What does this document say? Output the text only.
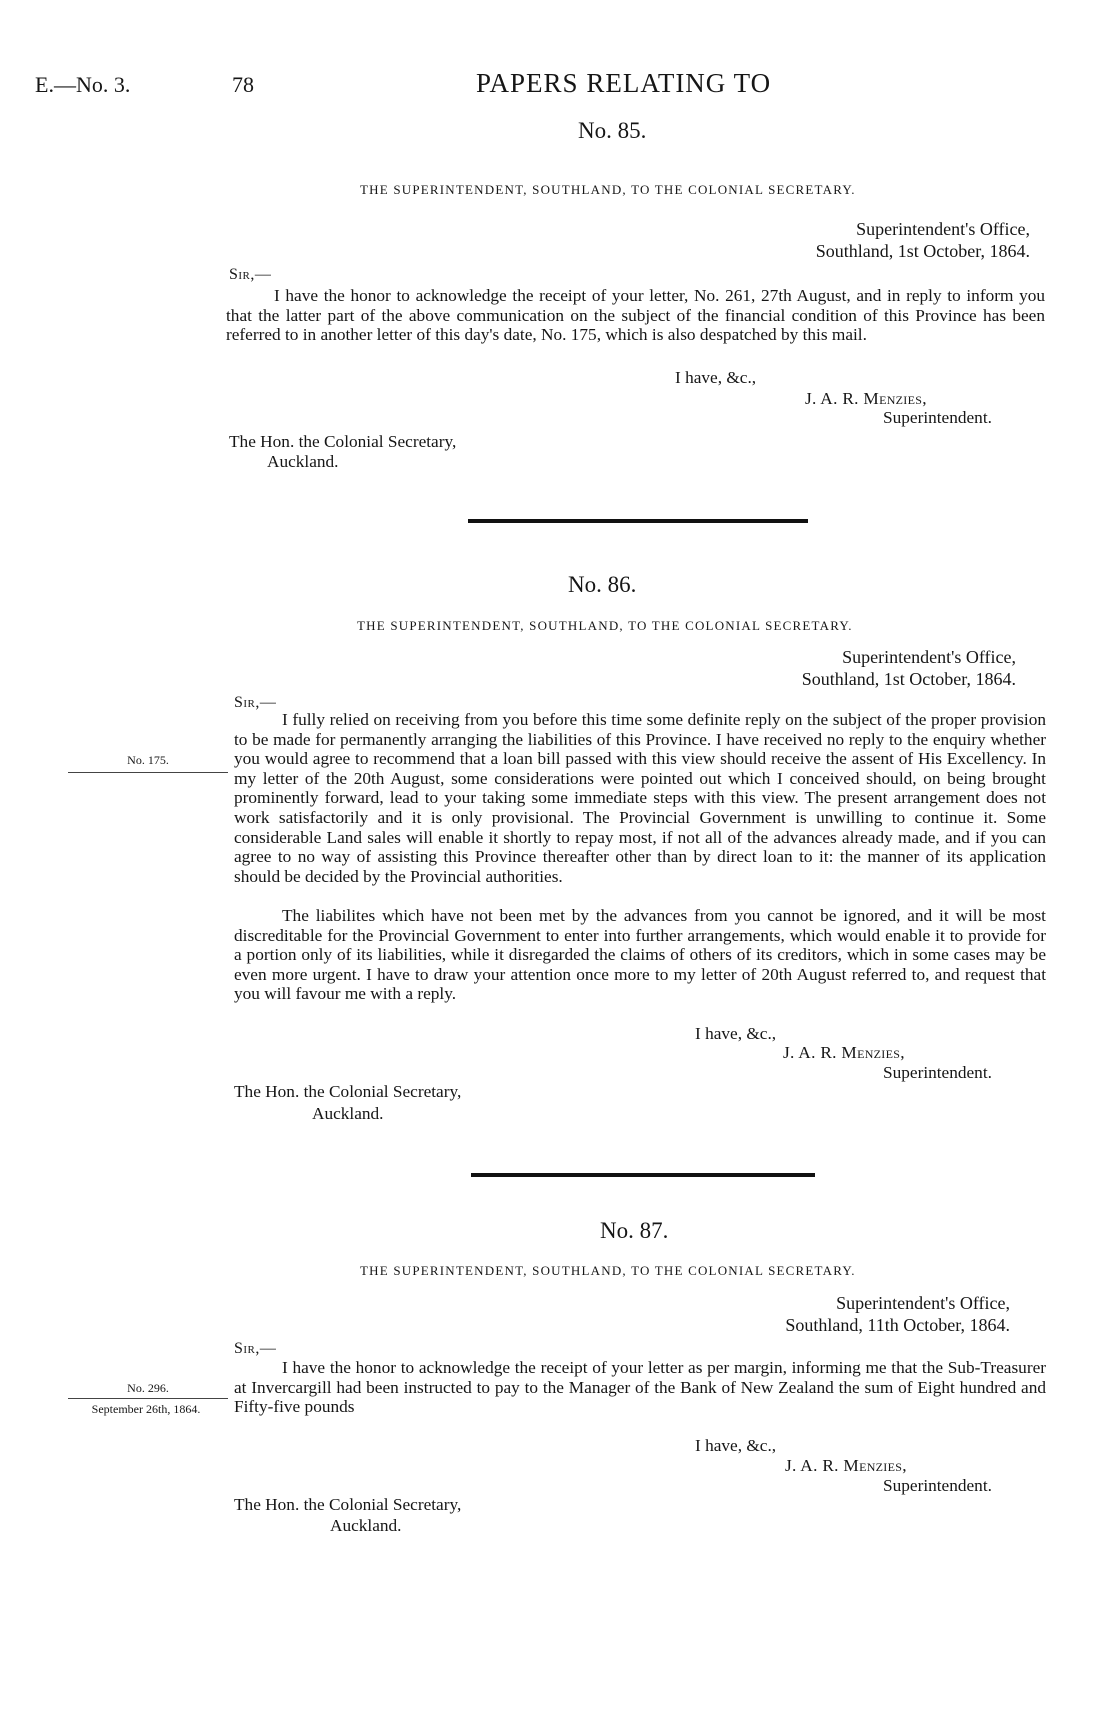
E.—No. 3.	78	PAPERS RELATING TO
No. 85.
THE SUPERINTENDENT, SOUTHLAND, TO THE COLONIAL SECRETARY.
Superintendent's Office,
Southland, 1st October, 1864.
Sir,—

I have the honor to acknowledge the receipt of your letter, No. 261, 27th August, and in reply to inform you that the latter part of the above communication on the subject of the financial condition of this Province has been referred to in another letter of this day's date, No. 175, which is also despatched by this mail.

I have, &c.,
J. A. R. Menzies,
Superintendent.
The Hon. the Colonial Secretary,
Auckland.
No. 86.
THE SUPERINTENDENT, SOUTHLAND, TO THE COLONIAL SECRETARY.
Superintendent's Office,
Southland, 1st October, 1864.
Sir,—
No. 175.

I fully relied on receiving from you before this time some definite reply on the subject of the proper provision to be made for permanently arranging the liabilities of this Province. I have received no reply to the enquiry whether you would agree to recommend that a loan bill passed with this view should receive the assent of His Excellency. In my letter of the 20th August, some considerations were pointed out which I conceived should, on being brought prominently forward, lead to your taking some immediate steps with this view. The present arrangement does not work satisfactorily and it is only provisional. The Provincial Government is unwilling to continue it. Some considerable Land sales will enable it shortly to repay most, if not all of the advances already made, and if you can agree to no way of assisting this Province thereafter other than by direct loan to it: the manner of its application should be decided by the Provincial authorities.

The liabilites which have not been met by the advances from you cannot be ignored, and it will be most discreditable for the Provincial Government to enter into further arrangements, which would enable it to provide for a portion only of its liabilities, while it disregarded the claims of others of its creditors, which in some cases may be even more urgent. I have to draw your attention once more to my letter of 20th August referred to, and request that you will favour me with a reply.

I have, &c.,
J. A. R. Menzies,
Superintendent.
The Hon. the Colonial Secretary,
Auckland.
No. 87.
THE SUPERINTENDENT, SOUTHLAND, TO THE COLONIAL SECRETARY.
Superintendent's Office,
Southland, 11th October, 1864.
Sir,—
No. 296.
September 26th, 1864.

I have the honor to acknowledge the receipt of your letter as per margin, informing me that the Sub-Treasurer at Invercargill had been instructed to pay to the Manager of the Bank of New Zealand the sum of Eight hundred and Fifty-five pounds

I have, &c.,
J. A. R. Menzies,
Superintendent.
The Hon. the Colonial Secretary,
Auckland.
